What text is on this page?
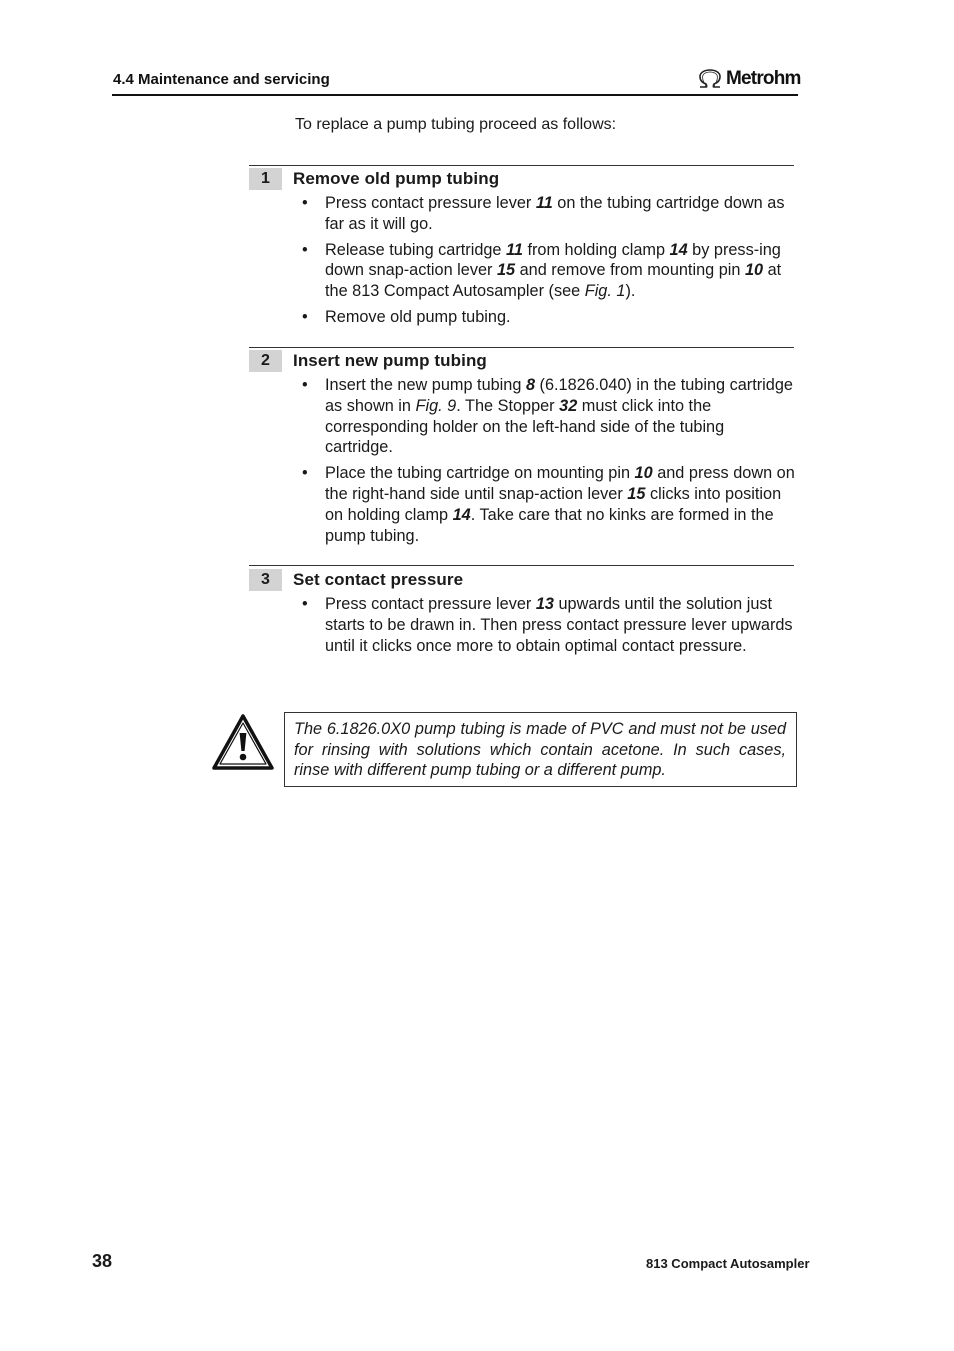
4.4 Maintenance and servicing	Metrohm
To replace a pump tubing proceed as follows:
1	Remove old pump tubing
• Press contact pressure lever 11 on the tubing cartridge down as far as it will go.
• Release tubing cartridge 11 from holding clamp 14 by press-ing down snap-action lever 15 and remove from mounting pin 10 at the 813 Compact Autosampler (see Fig. 1).
• Remove old pump tubing.
2	Insert new pump tubing
• Insert the new pump tubing 8 (6.1826.040) in the tubing cartridge as shown in Fig. 9. The Stopper 32 must click into the corresponding holder on the left-hand side of the tubing cartridge.
• Place the tubing cartridge on mounting pin 10 and press down on the right-hand side until snap-action lever 15 clicks into position on holding clamp 14. Take care that no kinks are formed in the pump tubing.
3	Set contact pressure
• Press contact pressure lever 13 upwards until the solution just starts to be drawn in. Then press contact pressure lever upwards until it clicks once more to obtain optimal contact pressure.
The 6.1826.0X0 pump tubing is made of PVC and must not be used for rinsing with solutions which contain acetone. In such cases, rinse with different pump tubing or a different pump.
38	813 Compact Autosampler
